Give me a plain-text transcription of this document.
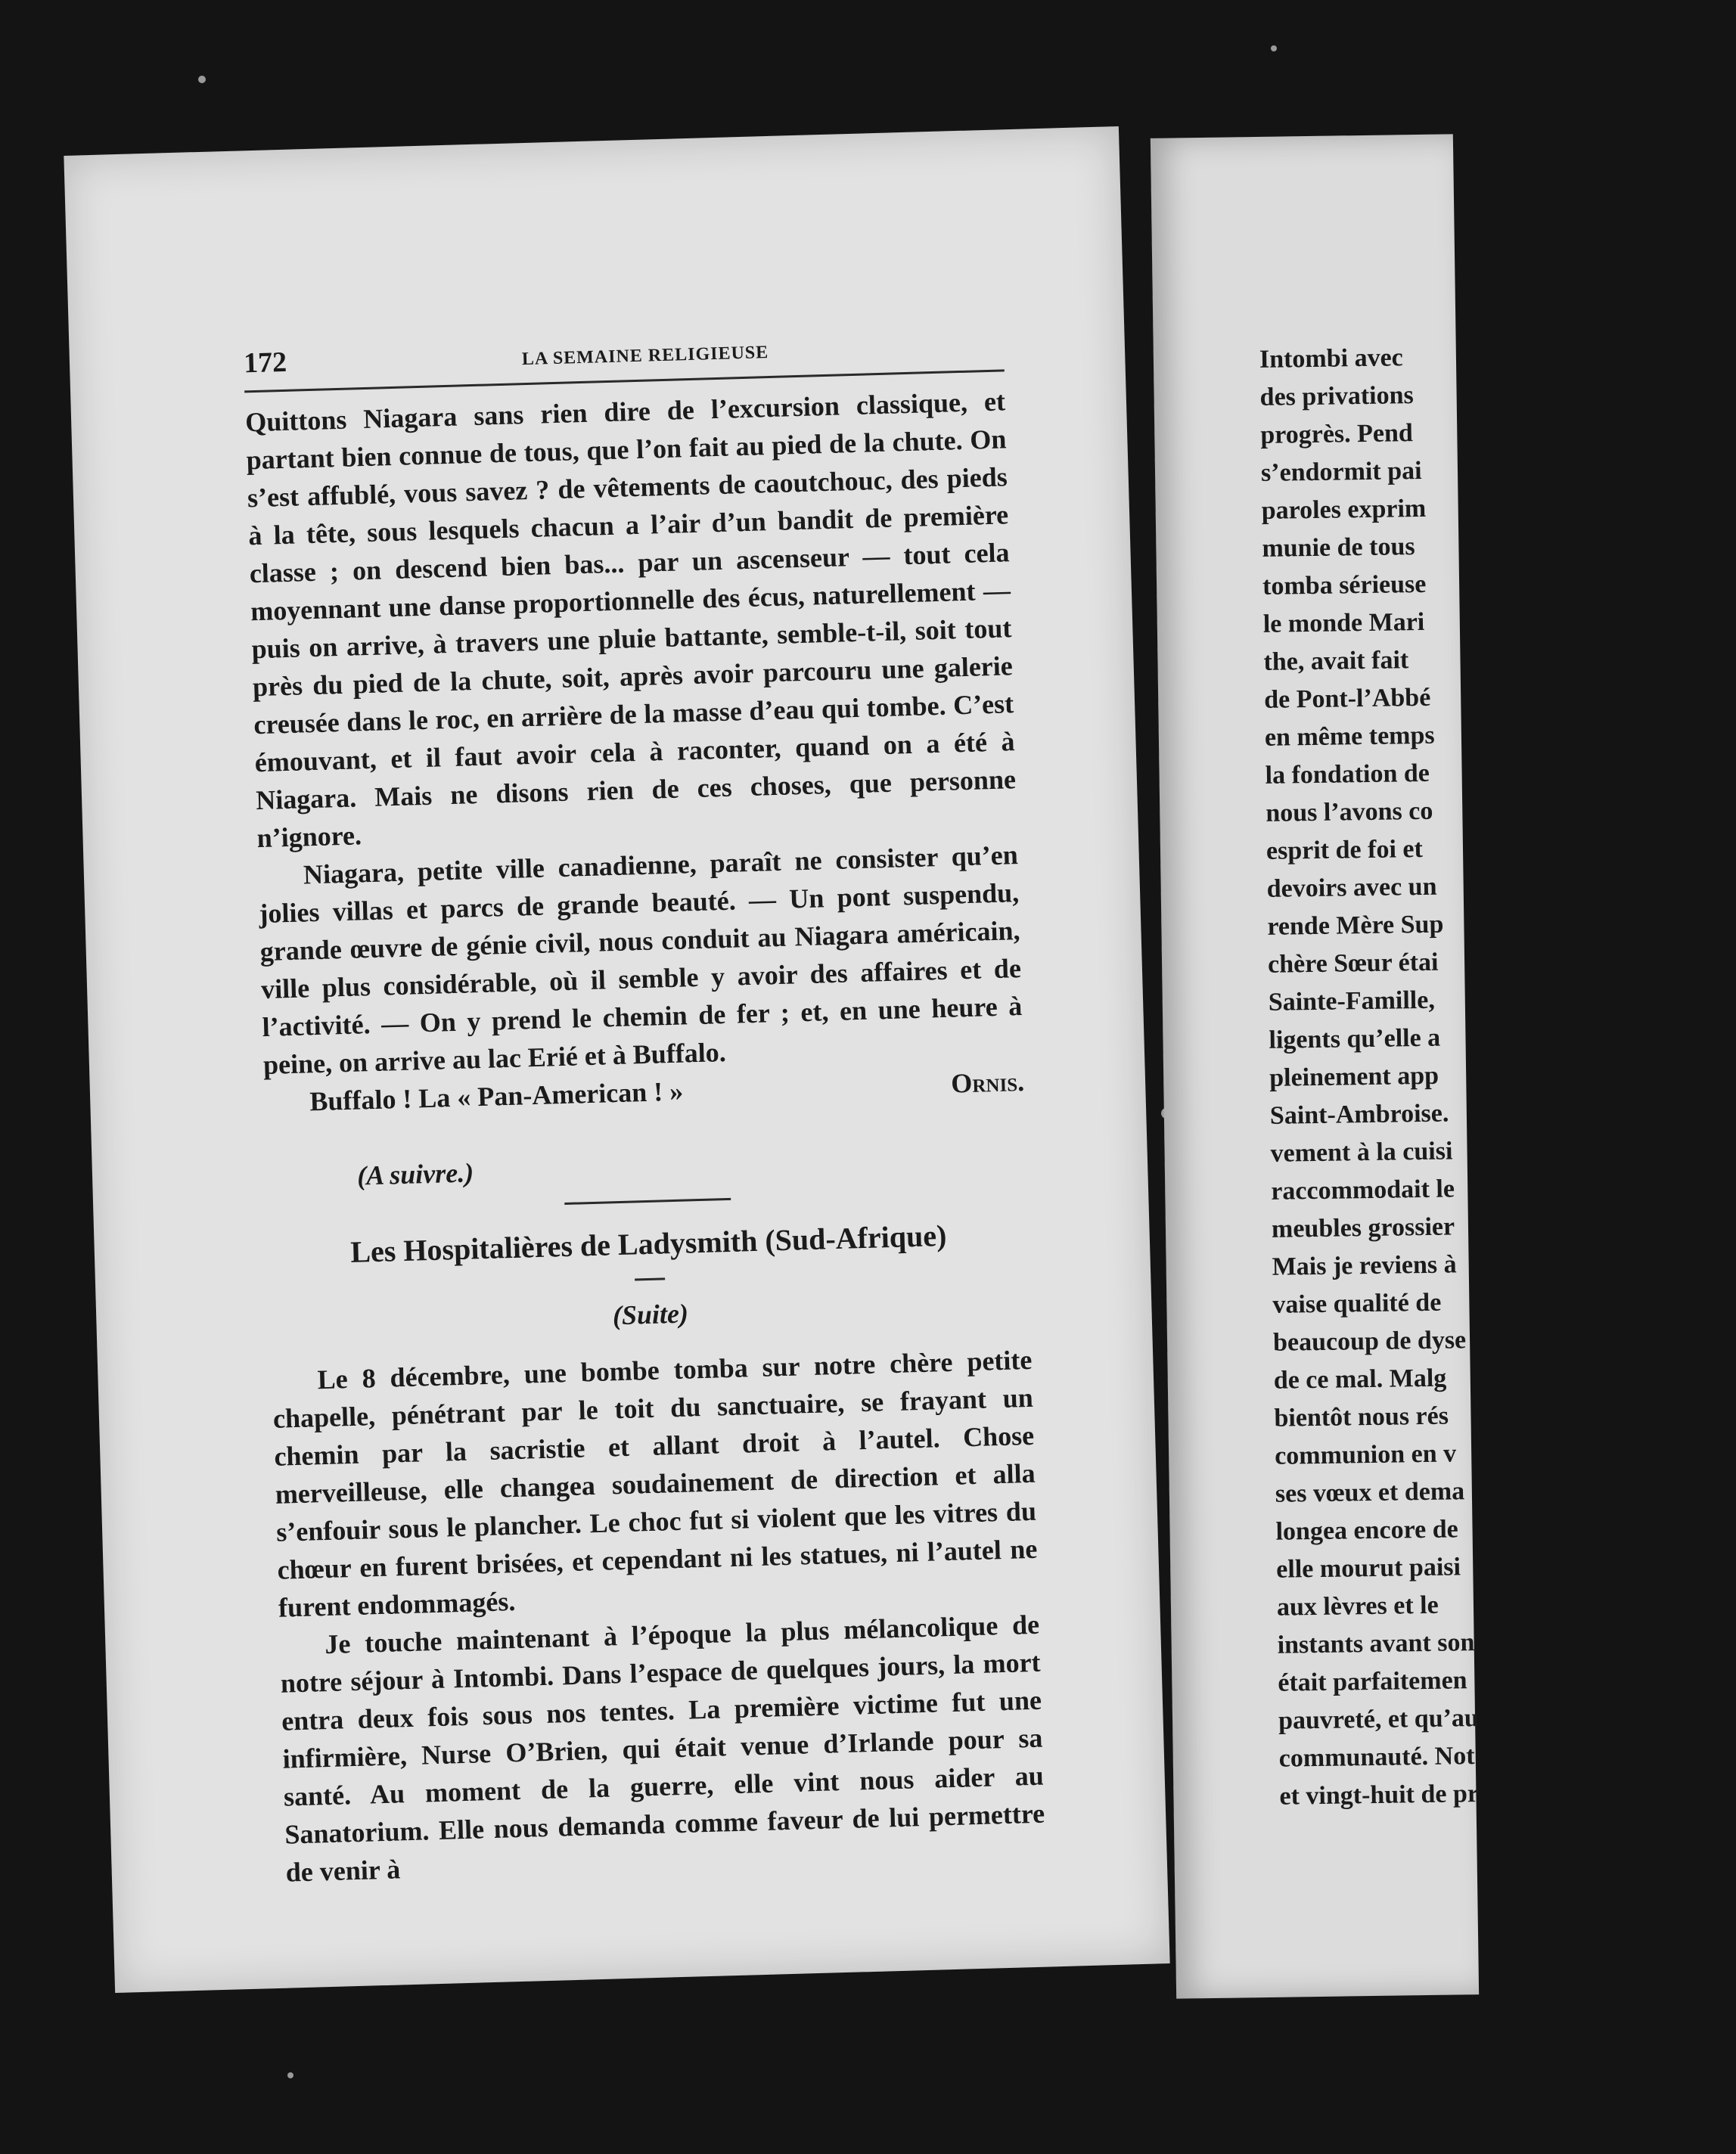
172	LA SEMAINE RELIGIEUSE

Quittons Niagara sans rien dire de l’excursion classique, et partant bien connue de tous, que l’on fait au pied de la chute. On s’est affublé, vous savez ? de vêtements de caoutchouc, des pieds à la tête, sous lesquels chacun a l’air d’un bandit de première classe ; on descend bien bas... par un ascenseur — tout cela moyennant une danse proportionnelle des écus, naturellement — puis on arrive, à travers une pluie battante, semble-t-il, soit tout près du pied de la chute, soit, après avoir parcouru une galerie creusée dans le roc, en arrière de la masse d’eau qui tombe. C’est émouvant, et il faut avoir cela à raconter, quand on a été à Niagara. Mais ne disons rien de ces choses, que personne n’ignore.

Niagara, petite ville canadienne, paraît ne consister qu’en jolies villas et parcs de grande beauté. — Un pont suspendu, grande œuvre de génie civil, nous conduit au Niagara américain, ville plus considérable, où il semble y avoir des affaires et de l’activité. — On y prend le chemin de fer ; et, en une heure à peine, on arrive au lac Erié et à Buffalo.

Buffalo ! La « Pan-American ! »	Ornis.
(A suivre.)
Les Hospitalières de Ladysmith (Sud-Afrique)
(Suite)

Le 8 décembre, une bombe tomba sur notre chère petite chapelle, pénétrant par le toit du sanctuaire, se frayant un chemin par la sacristie et allant droit à l’autel. Chose merveilleuse, elle changea soudainement de direction et alla s’enfouir sous le plancher. Le choc fut si violent que les vitres du chœur en furent brisées, et cependant ni les statues, ni l’autel ne furent endommagés.

Je touche maintenant à l’époque la plus mélancolique de notre séjour à Intombi. Dans l’espace de quelques jours, la mort entra deux fois sous nos tentes. La première victime fut une infirmière, Nurse O’Brien, qui était venue d’Irlande pour sa santé. Au moment de la guerre, elle vint nous aider au Sanatorium. Elle nous demanda comme faveur de lui permettre de venir à

Intombi avec
des privations
progrès. Pend
s’endormit pai
paroles exprim
munie de tous
tomba sérieuse
le monde Mari
the, avait fait
de Pont-l’Abbé
en même temps
la fondation de
nous l’avons co
esprit de foi et
devoirs avec un
rende Mère Sup
chère Sœur étai
Sainte-Famille,
ligents qu’elle a
pleinement app
Saint-Ambroise.
vement à la cuisi
raccommodait le
meubles grossier
Mais je reviens à
vaise qualité de
beaucoup de dyse
de ce mal. Malg
bientôt nous rés
communion en v
ses vœux et dema
longea encore de
elle mourut paisi
aux lèvres et le
instants avant son
était parfaitemen
pauvreté, et qu’au
communauté. Not
et vingt-huit de pr
